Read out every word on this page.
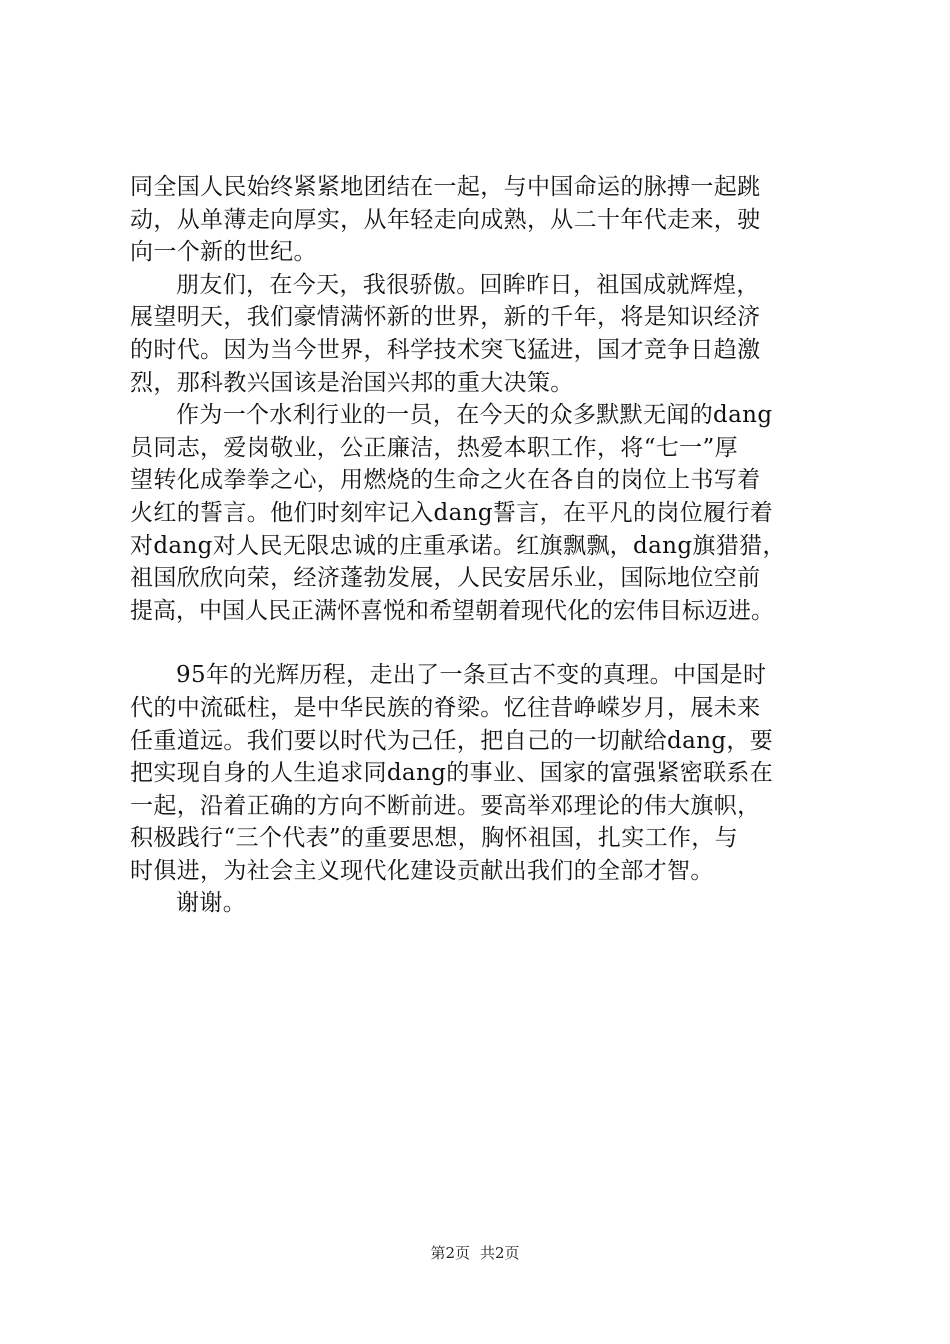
同全国人民始终紧紧地团结在一起，与中国命运的脉搏一起跳
动，从单薄走向厚实，从年轻走向成熟，从二十年代走来，驶
向一个新的世纪。
朋友们，在今天，我很骄傲。回眸昨日，祖国成就辉煌，
展望明天，我们豪情满怀新的世界，新的千年，将是知识经济
的时代。因为当今世界，科学技术突飞猛进，国才竞争日趋激
烈，那科教兴国该是治国兴邦的重大决策。
作为一个水利行业的一员，在今天的众多默默无闻的dang
员同志，爱岗敬业，公正廉洁，热爱本职工作，将“七一”厚
望转化成拳拳之心，用燃烧的生命之火在各自的岗位上书写着
火红的誓言。他们时刻牢记入dang誓言，在平凡的岗位履行着
对dang对人民无限忠诚的庄重承诺。红旗飘飘，dang旗猎猎，
祖国欣欣向荣，经济蓬勃发展，人民安居乐业，国际地位空前
提高，中国人民正满怀喜悦和希望朝着现代化的宏伟目标迈进。
95年的光辉历程，走出了一条亘古不变的真理。中国是时
代的中流砥柱，是中华民族的脊梁。忆往昔峥嵘岁月，展未来
任重道远。我们要以时代为己任，把自己的一切献给dang，要
把实现自身的人生追求同dang的事业、国家的富强紧密联系在
一起，沿着正确的方向不断前进。要高举邓理论的伟大旗帜，
积极践行“三个代表”的重要思想，胸怀祖国，扎实工作，与
时俱进，为社会主义现代化建设贡献出我们的全部才智。
谢谢。
第2页 共2页
